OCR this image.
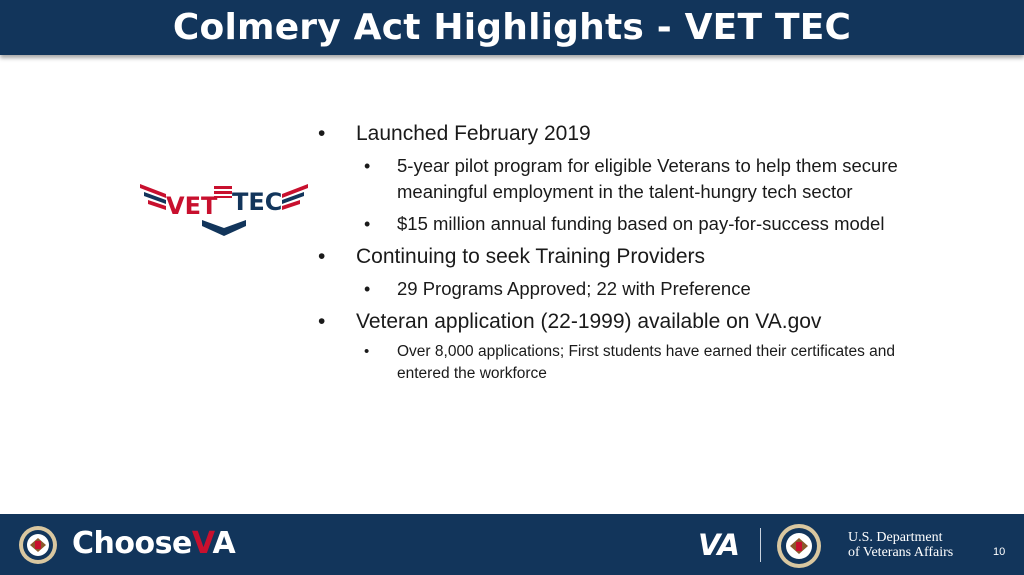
Colmery Act Highlights - VET TEC
VET TEC
• Launched February 2019
• 5-year pilot program for eligible Veterans to help them secure meaningful employment in the talent-hungry tech sector
• $15 million annual funding based on pay-for-success model
• Continuing to seek Training Providers
• 29 Programs Approved; 22 with Preference
• Veteran application (22-1999) available on VA.gov
• Over 8,000 applications; First students have earned their certificates and entered the workforce
ChooseVA	VA	U.S. Department
of Veterans Affairs	10
